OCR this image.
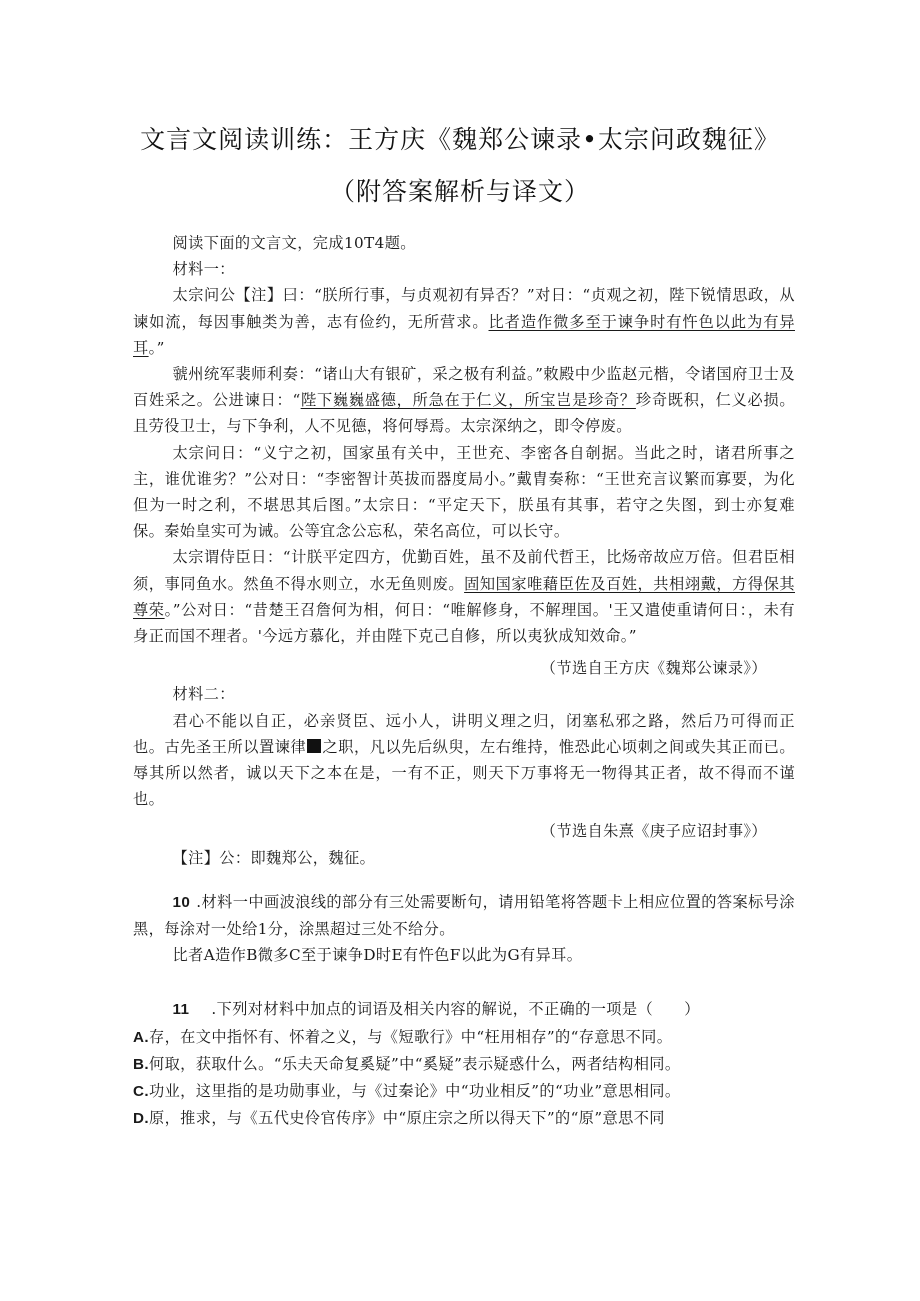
文言文阅读训练：王方庆《魏郑公谏录•太宗问政魏征》
（附答案解析与译文）

阅读下面的文言文，完成10T4题。

材料一：

太宗问公【注】曰：“朕所行事，与贞观初有异否？”对日：“贞观之初，陛下锐情思政，从谏如流，每因事触类为善，志有俭约，无所营求。比者造作微多至于谏争时有忤色以此为有异耳。”

虢州统军裴师利奏：“诸山大有银矿，采之极有利益。”敕殿中少监赵元楷，令诸国府卫士及百姓采之。公进谏日：“陛下巍巍盛德，所急在于仁义，所宝岂是珍奇？珍奇既积，仁义必损。且劳役卫士，与下争利，人不见德，将何辱焉。太宗深纳之，即令停废。

太宗问日：“义宁之初，国家虽有关中，王世充、李密各自剞据。当此之时，诸君所事之主，谁优谁劣？”公对日：“李密智计英拔而器度局小。”戴胄奏称：“王世充言议繁而寡要，为化但为一时之利，不堪思其后图。”太宗日：“平定天下，朕虽有其事，若守之失图，到士亦复难保。秦始皇实可为诫。公等宜念公忘私，荣名高位，可以长守。

太宗谓侍臣日：“计朕平定四方，优勤百姓，虽不及前代哲王，比炀帝故应万倍。但君臣相须，事同鱼水。然鱼不得水则立，水无鱼则废。固知国家唯藉臣佐及百姓，共相翊戴，方得保其尊荣。”公对日：“昔楚王召詹何为相，何日：“唯解修身，不解理国。'王又遣使重请何日：，未有身正而国不理者。'今远方慕化，并由陛下克己自修，所以夷狄成知效命。”

（节选自王方庆《魏郑公谏录》）

材料二：

君心不能以自正，必亲贤臣、远小人，讲明义理之归，闭塞私邪之路，然后乃可得而正也。古先圣王所以置谏律 之职，凡以先后纵臾，左右维持，惟恐此心顷刺之间或失其正而已。辱其所以然者，诚以天下之本在是，一有不正，则天下万事将无一物得其正者，故不得而不谨也。

（节选自朱熹《庚子应诏封事》）

【注】公：即魏郑公，魏征。

10 .材料一中画波浪线的部分有三处需要断句，请用铅笔将答题卡上相应位置的答案标号涂黑，每涂对一处给1分，涂黑超过三处不给分。

比者A造作B微多C至于谏争D时E有忤色F以此为G有异耳。

11 .下列对材料中加点的词语及相关内容的解说，不正确的一项是（　　）

A.存，在文中指怀有、怀着之义，与《短歌行》中“枉用相存”的“存意思不同。

B.何取，获取什么。“乐夫天命复奚疑”中“奚疑”表示疑惑什么，两者结构相同。

C.功业，这里指的是功勋事业，与《过秦论》中“功业相反”的“功业”意思相同。

D.原，推求，与《五代史伶官传序》中“原庄宗之所以得天下”的“原”意思不同
